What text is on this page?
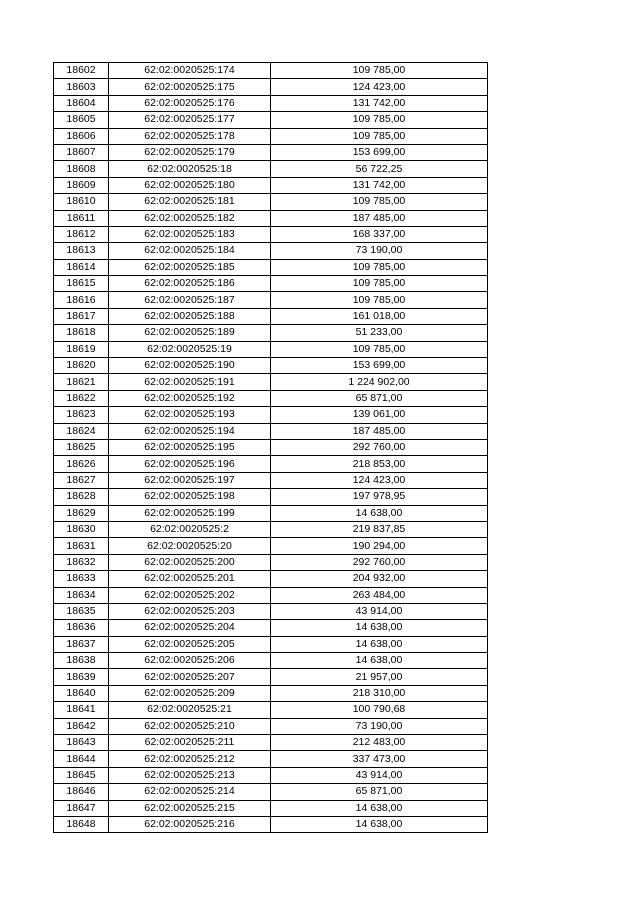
18602	62:02:0020525:174	109 785,00
18603	62:02:0020525:175	124 423,00
18604	62:02:0020525:176	131 742,00
18605	62:02:0020525:177	109 785,00
18606	62:02:0020525:178	109 785,00
18607	62:02:0020525:179	153 699,00
18608	62:02:0020525:18	56 722,25
18609	62:02:0020525:180	131 742,00
18610	62:02:0020525:181	109 785,00
18611	62:02:0020525:182	187 485,00
18612	62:02:0020525:183	168 337,00
18613	62:02:0020525:184	73 190,00
18614	62:02:0020525:185	109 785,00
18615	62:02:0020525:186	109 785,00
18616	62:02:0020525:187	109 785,00
18617	62:02:0020525:188	161 018,00
18618	62:02:0020525:189	51 233,00
18619	62:02:0020525:19	109 785,00
18620	62:02:0020525:190	153 699,00
18621	62:02:0020525:191	1 224 902,00
18622	62:02:0020525:192	65 871,00
18623	62:02:0020525:193	139 061,00
18624	62:02:0020525:194	187 485,00
18625	62:02:0020525:195	292 760,00
18626	62:02:0020525:196	218 853,00
18627	62:02:0020525:197	124 423,00
18628	62:02:0020525:198	197 978,95
18629	62:02:0020525:199	14 638,00
18630	62:02:0020525:2	219 837,85
18631	62:02:0020525:20	190 294,00
18632	62:02:0020525:200	292 760,00
18633	62:02:0020525:201	204 932,00
18634	62:02:0020525:202	263 484,00
18635	62:02:0020525:203	43 914,00
18636	62:02:0020525:204	14 638,00
18637	62:02:0020525:205	14 638,00
18638	62:02:0020525:206	14 638,00
18639	62:02:0020525:207	21 957,00
18640	62:02:0020525:209	218 310,00
18641	62:02:0020525:21	100 790,68
18642	62:02:0020525:210	73 190,00
18643	62:02:0020525:211	212 483,00
18644	62:02:0020525:212	337 473,00
18645	62:02:0020525:213	43 914,00
18646	62:02:0020525:214	65 871,00
18647	62:02:0020525:215	14 638,00
18648	62:02:0020525:216	14 638,00
